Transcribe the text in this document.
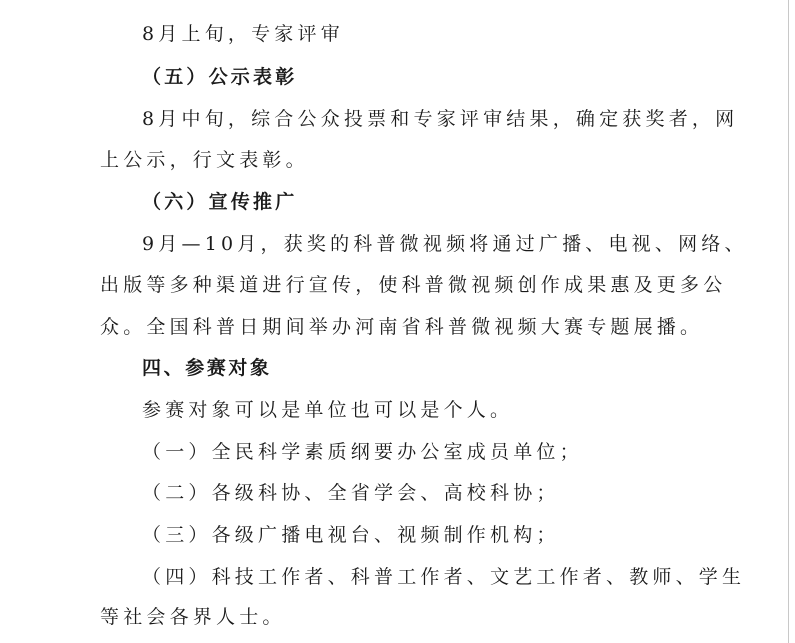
8月上旬，专家评审
（五）公示表彰
8月中旬，综合公众投票和专家评审结果，确定获奖者，网
上公示，行文表彰。
（六）宣传推广
9月—10月，获奖的科普微视频将通过广播、电视、网络、
出版等多种渠道进行宣传，使科普微视频创作成果惠及更多公
众。全国科普日期间举办河南省科普微视频大赛专题展播。
四、参赛对象
参赛对象可以是单位也可以是个人。
（一）全民科学素质纲要办公室成员单位；
（二）各级科协、全省学会、高校科协；
（三）各级广播电视台、视频制作机构；
（四）科技工作者、科普工作者、文艺工作者、教师、学生
等社会各界人士。
